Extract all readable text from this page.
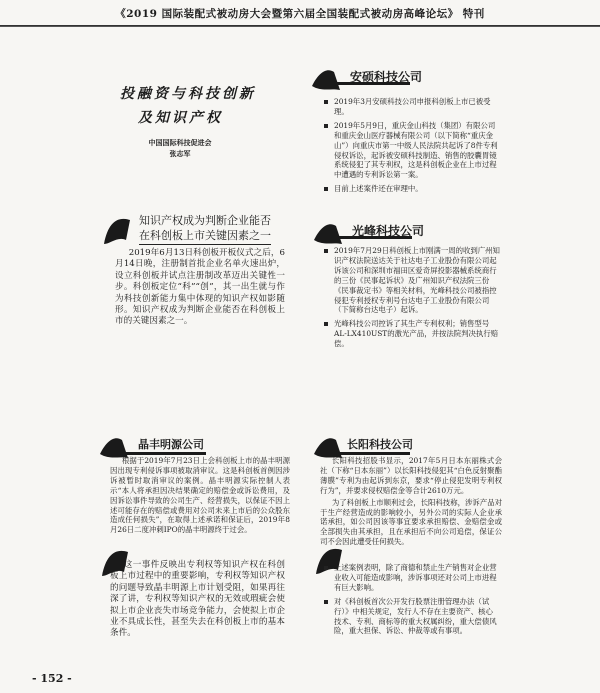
《2019 国际装配式被动房大会暨第六届全国装配式被动房高峰论坛》 特刊
投融资与科技创新
及知识产权
中国国际科技促进会
张志军
安硕科技公司
2019年3月安硕科技公司申报科创板上市已被受理。
2019年5月9日，重庆金山科技（集团）有限公司和重庆金山医疗器械有限公司（以下简称“重庆金山”）向重庆市第一中级人民法院共起诉了8件专利侵权诉讼，起诉被安硕科技制造、销售的胶囊胃镜系统侵犯了其专利权，这是科创板企业在上市过程中遭遇的专利诉讼第一案。
目前上述案件还在审理中。
知识产权成为判断企业能否
在科创板上市关键因素之一

2019年6月13日科创板开板仪式之后，6月14日晚，注册制首批企业名单火速出炉，设立科创板并试点注册制改革迈出关键性一步。科创板定位“科”“创”，其一出生就与作为科技创新能力集中体现的知识产权如影随形。知识产权成为判断企业能否在科创板上市的关键因素之一。

光峰科技公司
2019年7月29日科创板上市刚满一周的收到广州知识产权法院送达关于社达电子工业股份有限公司起诉该公司和深圳市福田区爱奇屏投影器械系统商行的三份《民事起诉状》及广州知识产权法院三份《民事裁定书》等相关材料，光峰科技公司被指控侵犯专利授权专利号台达电子工业股份有限公司（下简称台达电子）起诉。
光峰科技公司控诉了其生产专利权利；销售型号AL-LX410UST的激光产品，并按法院判决执行赔偿。
晶丰明源公司

根据于2019年7月23日上会科创板上市的晶丰明源因出现专利侵诉事项被取消审议。这是科创板首例因涉诉被暂时取消审议的案例。晶丰明源实际控制人表示“本人将承担因决结果确定的赔偿金或诉讼费用，及因诉讼事件导致的公司生产、经营损失，以保证不因上述可能存在的赔偿或费用对公司未来上市后的公众股东造成任何损失”，在取得上述承诺和保证后，2019年8月26日二度冲刺IPO的晶丰明源终于过会。

长阳科技公司

长阳科技招股书显示，2017年5月日本东丽株式会社（下称“日本东丽”）以长阳科技侵犯其“白色反射聚酯薄膜”专利为由起诉到东京，要求“停止侵犯发明专利权行为”，并要求侵权赔偿金等合计2610万元。

为了科创板上市顺利过会，长阳科技称，涉诉产品对于生产经营造成的影响较小，另外公司的实际人企业承诺承担，如公司因该等事宜要求承担赔偿、金赔偿金或全部损失由其承担，且在承担后不向公司追偿，保证公司不会因此遭受任何损失。

这一事件反映出专利权等知识产权在科创板上市过程中的重要影响，专利权等知识产权的问题导致晶丰明源上市计划受阻，如果再往深了讲，专利权等知识产权的无效或瑕疵会使拟上市企业丧失市场竞争能力，会使拟上市企业不具成长性，甚至失去在科创板上市的基本条件。

上述案例表明，除了商德和禁止生产销售对企业营业收入可能造成影响，涉诉事项还对公司上市进程有巨大影响。
对《科创板首次公开发行股票注册管理办法（试行）》中相关规定，发行人不存在主要资产、核心技术、专利、商标等的重大权属纠纷，重大偿债风险，重大担保、诉讼、仲裁等或有事项。
- 152 -
